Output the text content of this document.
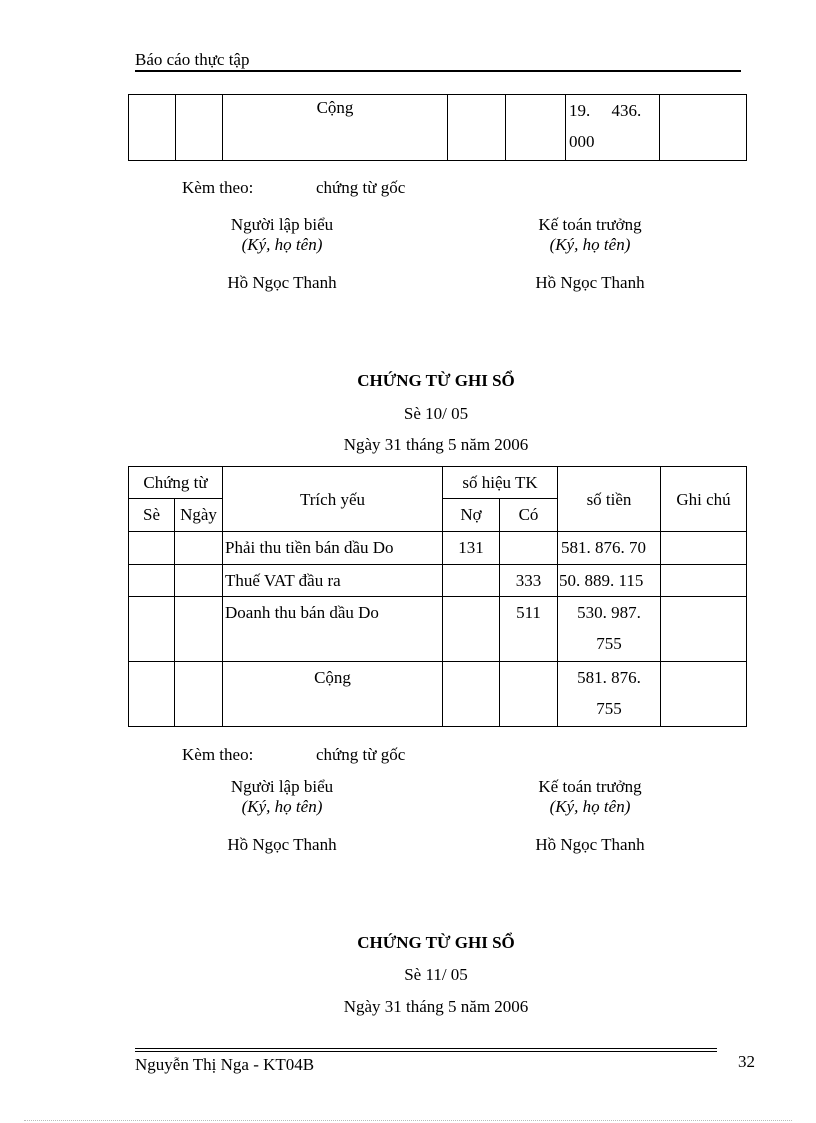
Báo cáo thực tập
		Cộng			19.     436.
000

Kèm theo:	chứng từ gốc
Người lập biểu
(Ký, họ tên)
Hồ Ngọc Thanh
Kế toán trưởng
(Ký, họ tên)
Hồ Ngọc Thanh
CHỨNG TỪ GHI SỔ
Sè 10/ 05
Ngày 31 tháng 5 năm 2006
Chứng từ		Trích yếu	số hiệu TK		số tiền	Ghi chú
Sè	Ngày		Nợ	Có		
		Phải thu tiền bán dầu Do	131		581. 876. 70	
		Thuế VAT đầu ra		333	50. 889. 115	
		Doanh thu bán dầu Do		511	530. 987.
755	

		Cộng			581. 876.
755	

Kèm theo:	chứng từ gốc
Người lập biểu
(Ký, họ tên)
Hồ Ngọc Thanh
Kế toán trưởng
(Ký, họ tên)
Hồ Ngọc Thanh
CHỨNG TỪ GHI SỔ
Sè 11/ 05
Ngày 31 tháng 5 năm 2006
Nguyễn Thị Nga - KT04B	32
